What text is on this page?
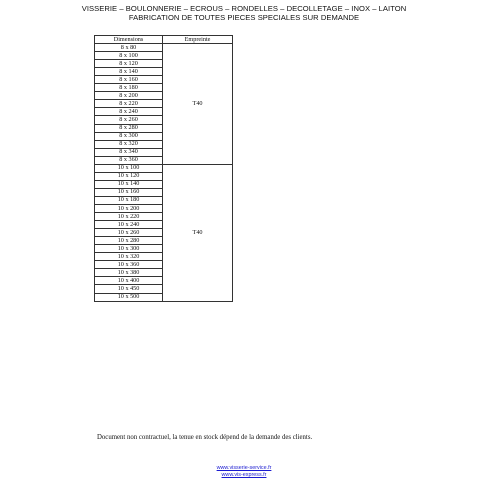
VISSERIE – BOULONNERIE – ECROUS – RONDELLES – DECOLLETAGE – INOX – LAITON
FABRICATION DE TOUTES PIECES SPECIALES SUR DEMANDE
Dimensions	Empreinte
8 x 80	T40
8 x 100	
8 x 120	
8 x 140	
8 x 160	
8 x 180	
8 x 200	
8 x 220	
8 x 240	
8 x 260	
8 x 280	
8 x 300	
8 x 320	
8 x 340	
8 x 360	
10 x 100	T40
10 x 120	
10 x 140	
10 x 160	
10 x 180	
10 x 200	
10 x 220	
10 x 240	
10 x 260	
10 x 280	
10 x 300	
10 x 320	
10 x 360	
10 x 380	
10 x 400	
10 x 450	
10 x 500	
Document non contractuel, la tenue en stock dépend de la demande des clients.
www.visserie-service.fr
www.vis-express.fr
